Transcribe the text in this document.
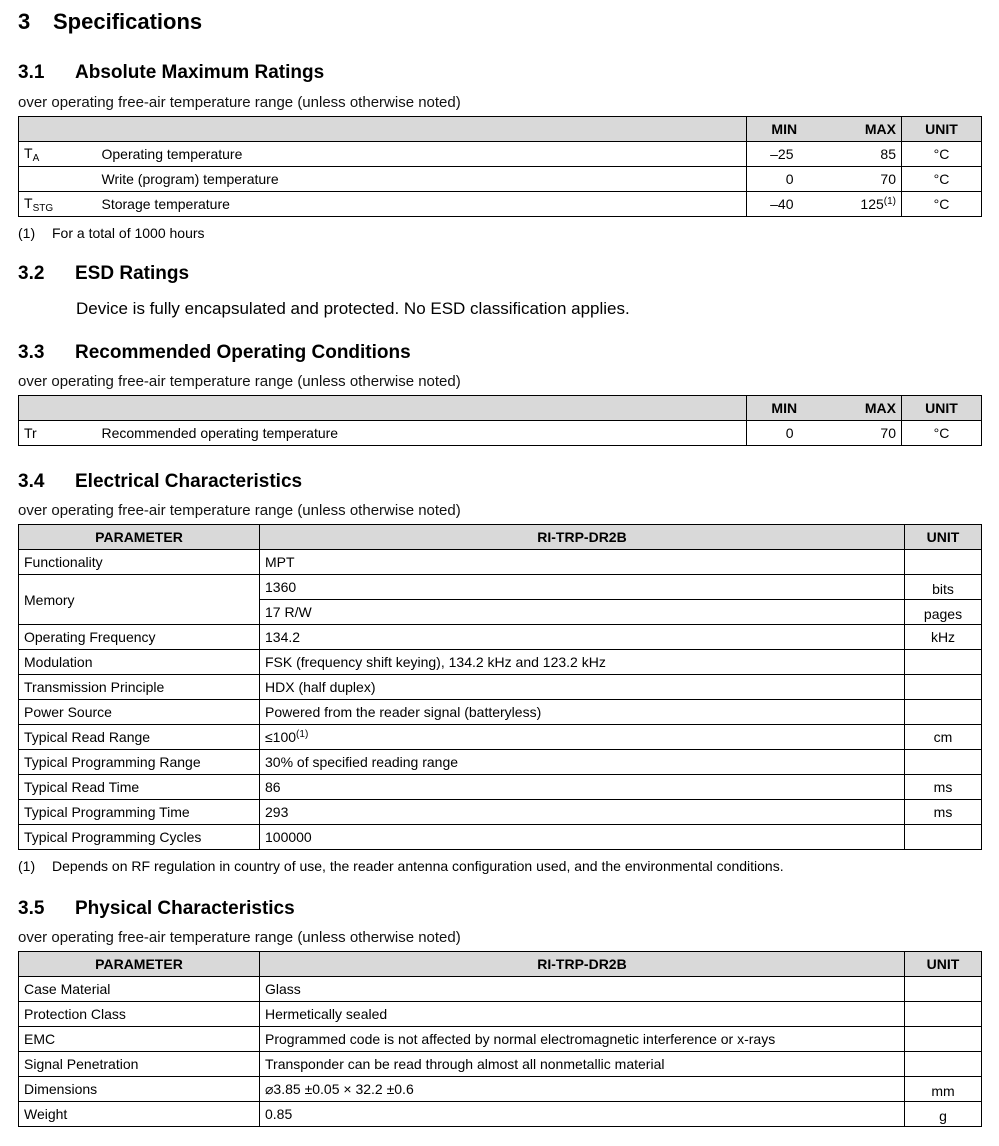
3 Specifications
3.1 Absolute Maximum Ratings
over operating free-air temperature range (unless otherwise noted)
		MIN	MAX	UNIT
$T_A$	Operating temperature	–25	85	°C
	Write (program) temperature	0	70	°C
$T_{STG}$	Storage temperature	–40	125$^{(1)}$	°C
(1) For a total of 1000 hours
3.2 ESD Ratings
Device is fully encapsulated and protected. No ESD classification applies.
3.3 Recommended Operating Conditions
over operating free-air temperature range (unless otherwise noted)
		MIN	MAX	UNIT
Tr	Recommended operating temperature	0	70	°C
3.4 Electrical Characteristics
over operating free-air temperature range (unless otherwise noted)
PARAMETER	RI-TRP-DR2B	UNIT
Functionality	MPT	
Memory	1360	bits
	17 R/W	pages
Operating Frequency	134.2	kHz
Modulation	FSK (frequency shift keying), 134.2 kHz and 123.2 kHz	
Transmission Principle	HDX (half duplex)	
Power Source	Powered from the reader signal (batteryless)	
Typical Read Range	$\le 100^{(1)}$	cm
Typical Programming Range	30% of specified reading range	
Typical Read Time	86	ms
Typical Programming Time	293	ms
Typical Programming Cycles	100000	
(1) Depends on RF regulation in country of use, the reader antenna configuration used, and the environmental conditions.
3.5 Physical Characteristics
over operating free-air temperature range (unless otherwise noted)
PARAMETER	RI-TRP-DR2B	UNIT
Case Material	Glass	
Protection Class	Hermetically sealed	
EMC	Programmed code is not affected by normal electromagnetic interference or x-rays	
Signal Penetration	Transponder can be read through almost all nonmetallic material	
Dimensions	⌀3.85 ±0.05 × 32.2 ±0.6	mm
Weight	0.85	g
